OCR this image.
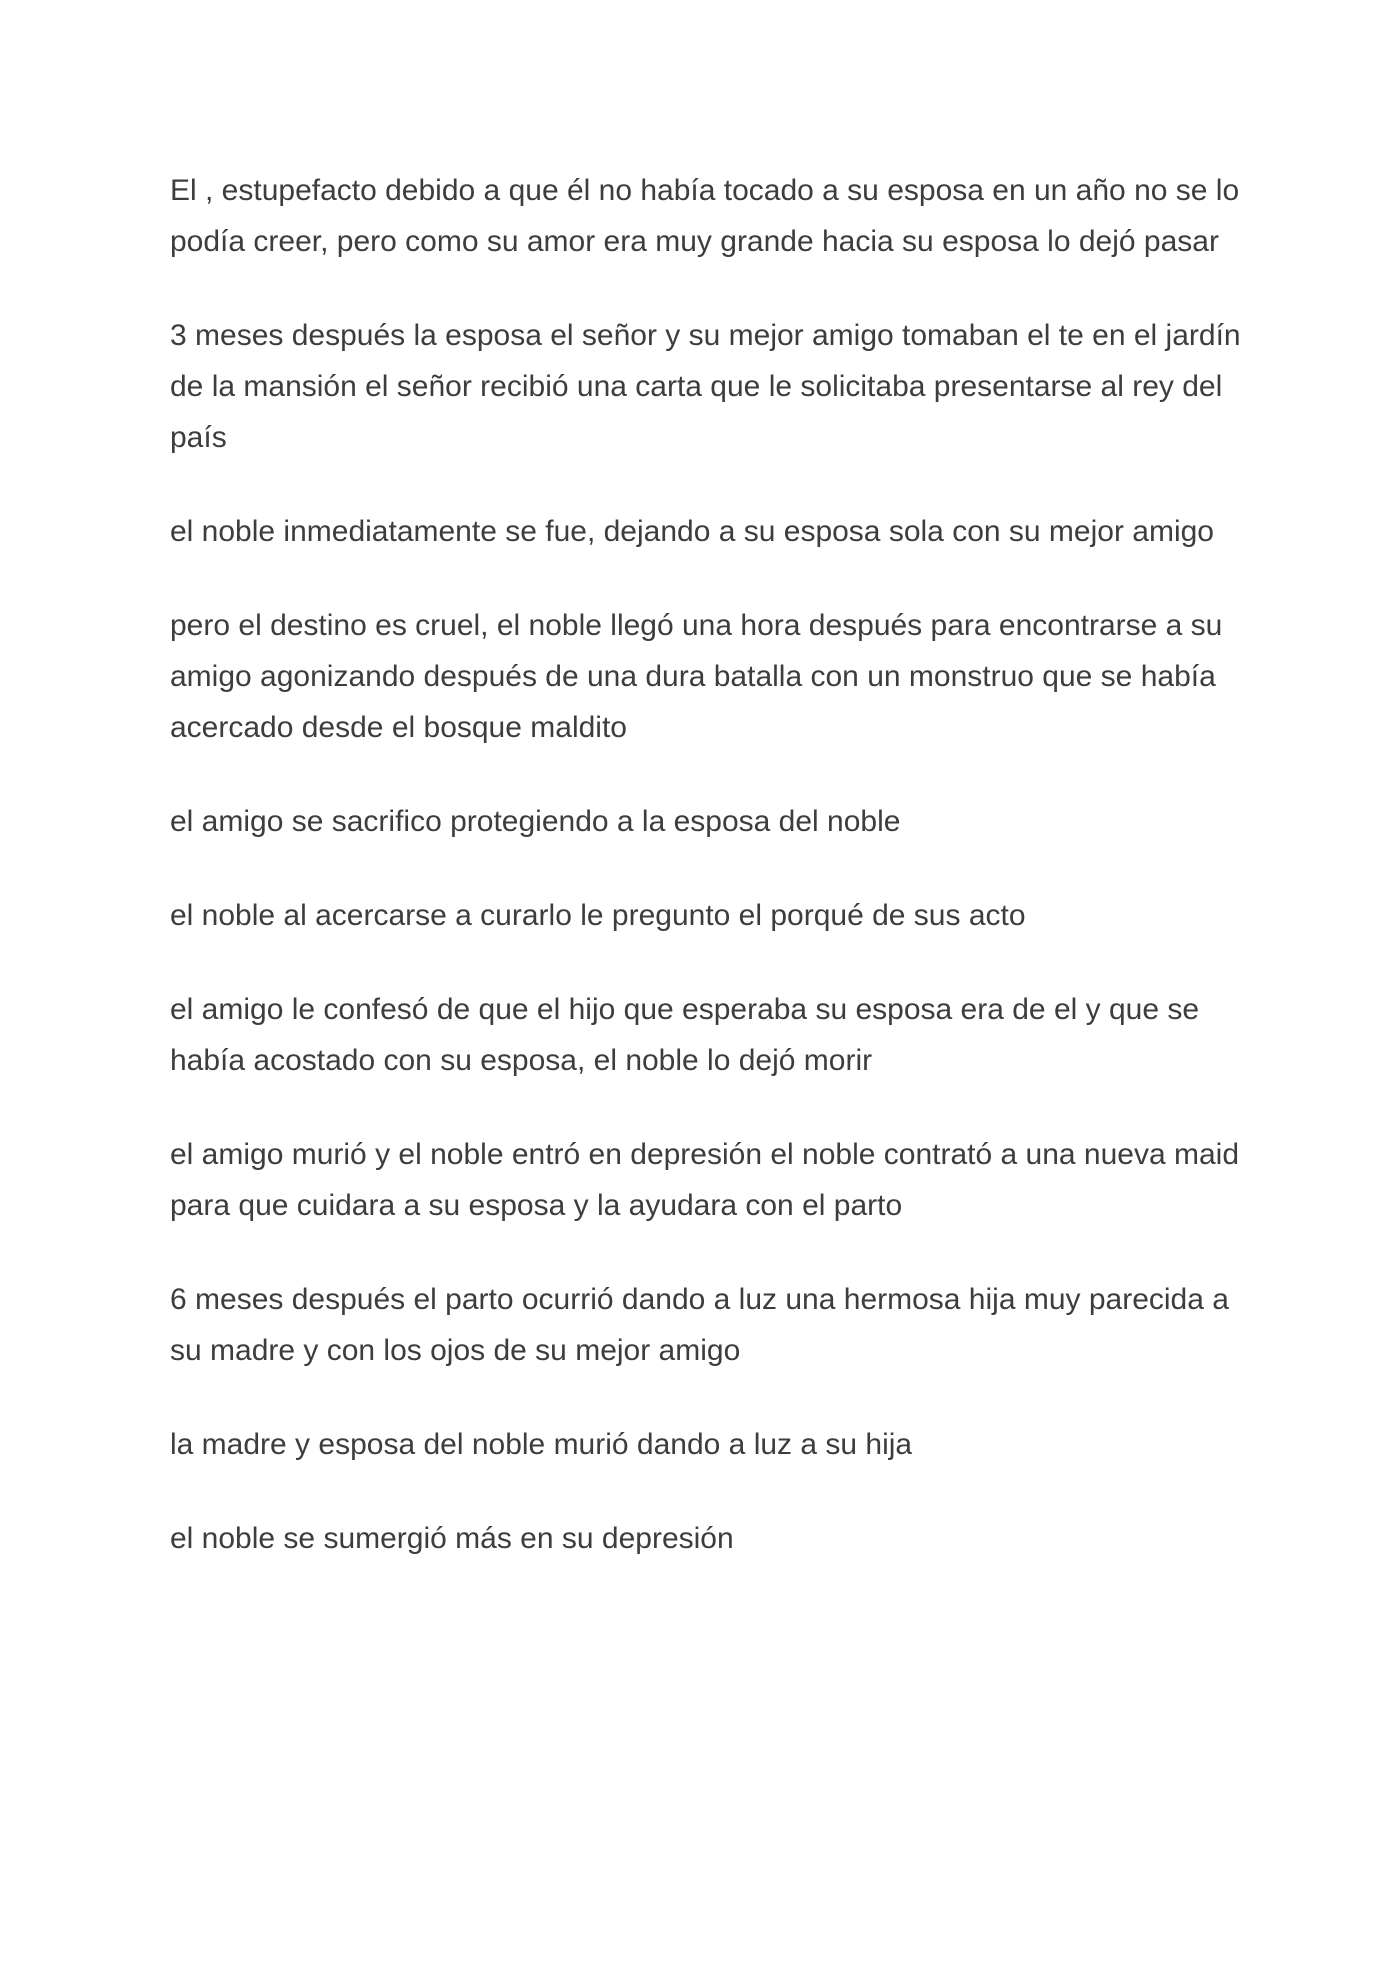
El , estupefacto debido a que él no había tocado a su esposa en un año no se lo podía creer, pero como su amor era muy grande hacia su esposa lo dejó pasar

3 meses después la esposa el señor y su mejor amigo tomaban el te en el jardín de la mansión el señor recibió una carta que le solicitaba presentarse al rey del país

el noble inmediatamente se fue, dejando a su esposa sola con su mejor amigo

pero el destino es cruel, el noble llegó una hora después para encontrarse a su amigo agonizando después de una dura batalla con un monstruo que se había acercado desde el bosque maldito

el amigo se sacrifico protegiendo a la esposa del noble

el noble al acercarse a curarlo le pregunto el porqué de sus acto

el amigo le confesó de que el hijo que esperaba su esposa era de el y que se había acostado con su esposa, el noble lo dejó morir

el amigo murió y el noble entró en depresión el noble contrató a una nueva maid para que cuidara a su esposa y la ayudara con el parto

6 meses después el parto ocurrió dando a luz una hermosa hija muy parecida a su madre y con los ojos de su mejor amigo

la madre y esposa del noble murió dando a luz a su hija

el noble se sumergió más en su depresión
